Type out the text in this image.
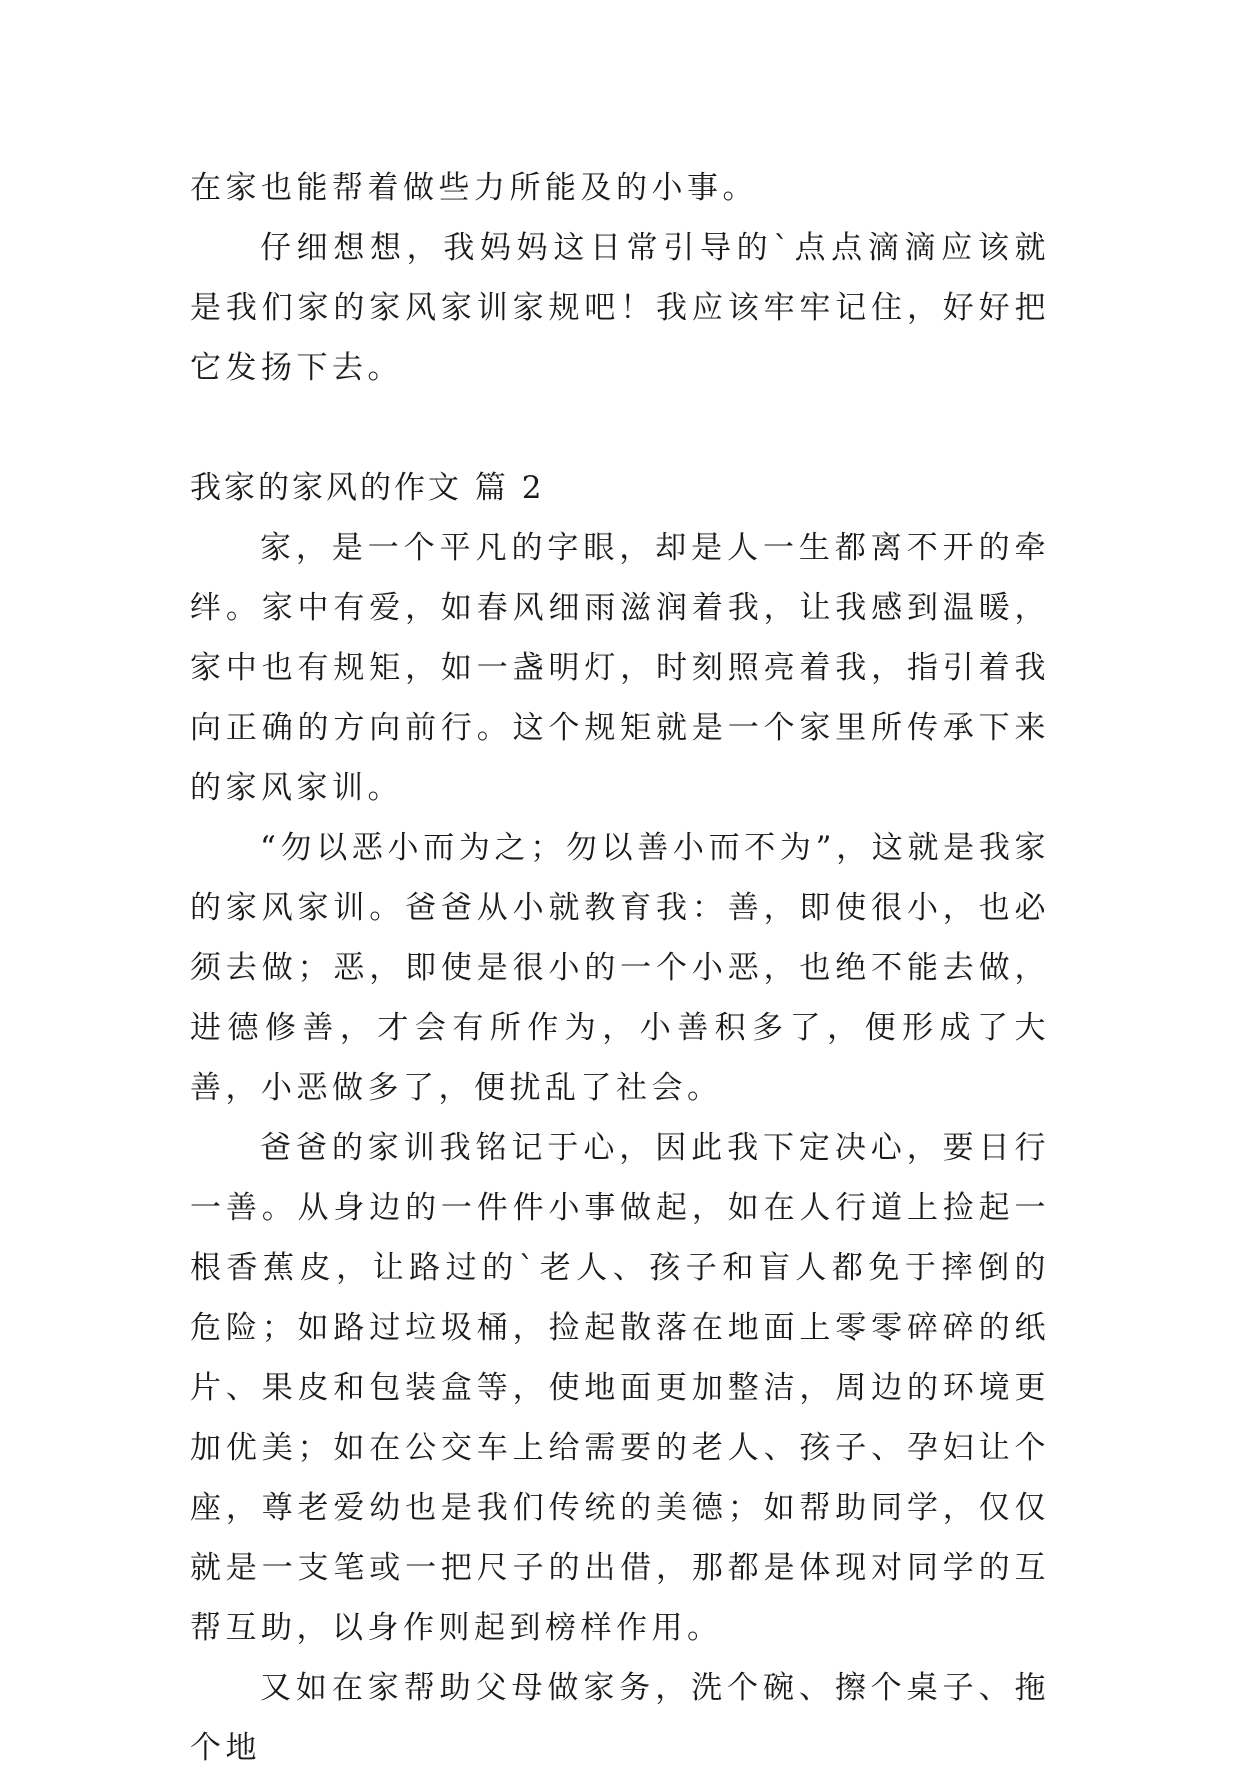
在家也能帮着做些力所能及的小事。

仔细想想，我妈妈这日常引导的`点点滴滴应该就是我们家的家风家训家规吧！我应该牢牢记住，好好把它发扬下去。

我家的家风的作文 篇 2

家，是一个平凡的字眼，却是人一生都离不开的牵绊。家中有爱，如春风细雨滋润着我，让我感到温暖，家中也有规矩，如一盏明灯，时刻照亮着我，指引着我向正确的方向前行。这个规矩就是一个家里所传承下来的家风家训。

“勿以恶小而为之；勿以善小而不为”，这就是我家的家风家训。爸爸从小就教育我：善，即使很小，也必须去做；恶，即使是很小的一个小恶，也绝不能去做，进德修善，才会有所作为，小善积多了，便形成了大善，小恶做多了，便扰乱了社会。

爸爸的家训我铭记于心，因此我下定决心，要日行一善。从身边的一件件小事做起，如在人行道上捡起一根香蕉皮，让路过的`老人、孩子和盲人都免于摔倒的危险；如路过垃圾桶，捡起散落在地面上零零碎碎的纸片、果皮和包装盒等，使地面更加整洁，周边的环境更加优美；如在公交车上给需要的老人、孩子、孕妇让个座，尊老爱幼也是我们传统的美德；如帮助同学，仅仅就是一支笔或一把尺子的出借，那都是体现对同学的互帮互助，以身作则起到榜样作用。

又如在家帮助父母做家务，洗个碗、擦个桌子、拖个地
